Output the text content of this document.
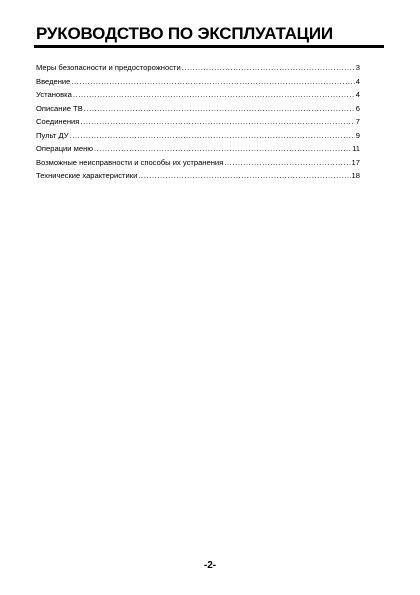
РУКОВОДСТВО ПО ЭКСПЛУАТАЦИИ
Меры безопасности и предосторожности .....	3
Введение .....	4
Установка .....	4
Описание ТВ .....	6
Соединения .....	7
Пульт ДУ .....	9
Операции меню .....	11
Возможные неисправности и способы их устранения .....	17
Технические характеристики .....	18
-2-
